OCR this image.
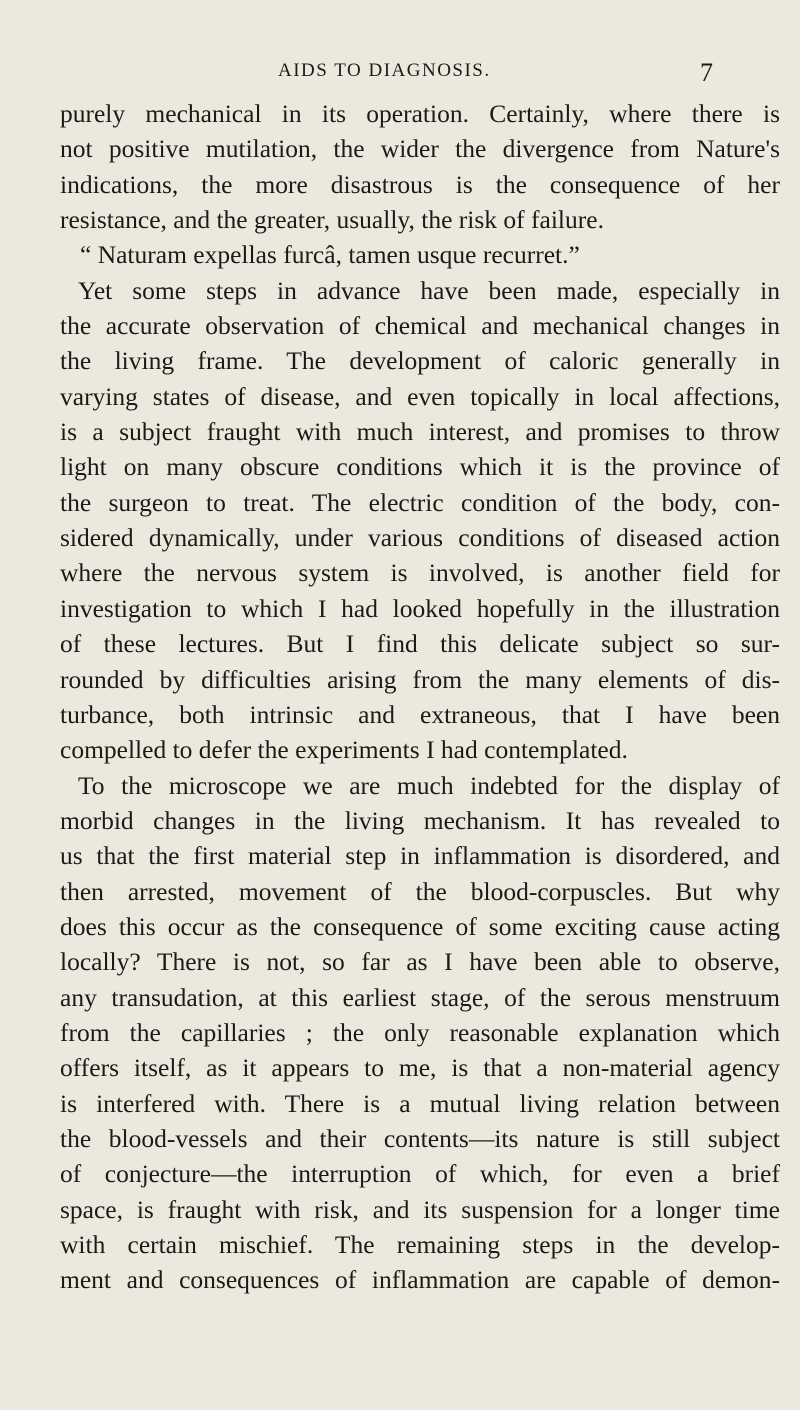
AIDS TO DIAGNOSIS.	7
purely mechanical in its operation. Certainly, where there is
not positive mutilation, the wider the divergence from Nature's
indications, the more disastrous is the consequence of her
resistance, and the greater, usually, the risk of failure.
“ Naturam expellas furcâ, tamen usque recurret.”
Yet some steps in advance have been made, especially in
the accurate observation of chemical and mechanical changes in
the living frame. The development of caloric generally in
varying states of disease, and even topically in local affections,
is a subject fraught with much interest, and promises to throw
light on many obscure conditions which it is the province of
the surgeon to treat. The electric condition of the body, con-
sidered dynamically, under various conditions of diseased action
where the nervous system is involved, is another field for
investigation to which I had looked hopefully in the illustration
of these lectures. But I find this delicate subject so sur-
rounded by difficulties arising from the many elements of dis-
turbance, both intrinsic and extraneous, that I have been
compelled to defer the experiments I had contemplated.
To the microscope we are much indebted for the display of
morbid changes in the living mechanism. It has revealed to
us that the first material step in inflammation is disordered, and
then arrested, movement of the blood-corpuscles. But why
does this occur as the consequence of some exciting cause acting
locally? There is not, so far as I have been able to observe,
any transudation, at this earliest stage, of the serous menstruum
from the capillaries ; the only reasonable explanation which
offers itself, as it appears to me, is that a non-material agency
is interfered with. There is a mutual living relation between
the blood-vessels and their contents—its nature is still subject
of conjecture—the interruption of which, for even a brief
space, is fraught with risk, and its suspension for a longer time
with certain mischief. The remaining steps in the develop-
ment and consequences of inflammation are capable of demon-
